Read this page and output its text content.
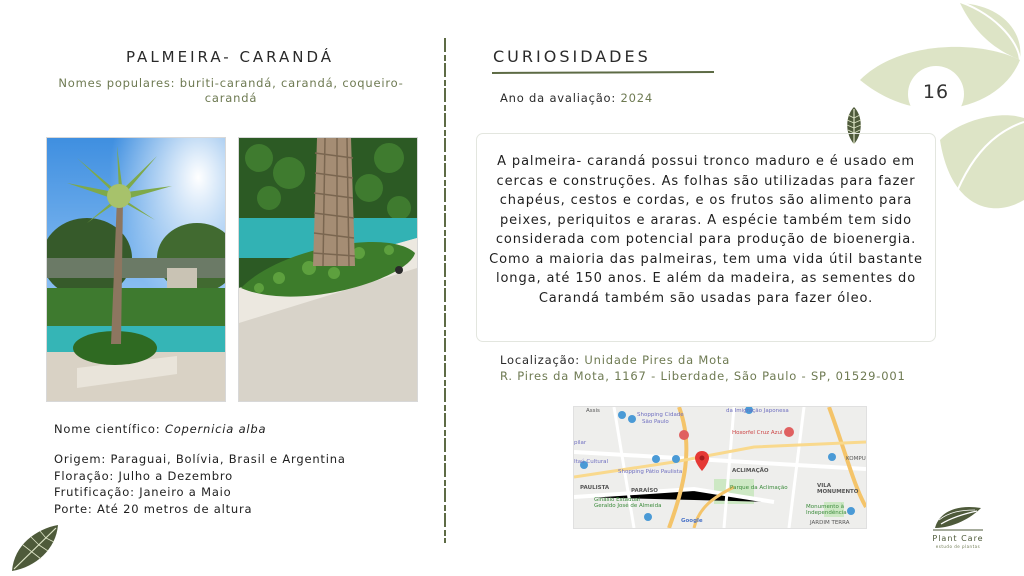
16
PALMEIRA- CARANDÁ
Nomes populares: buriti-carandá, carandá, coqueiro-
carandá
Nome científico: Copernicia alba
Origem: Paraguai, Bolívia, Brasil e Argentina
Floração: Julho a Dezembro
Frutificação: Janeiro a Maio
Porte: Até 20 metros de altura
CURIOSIDADES
Ano da avaliação: 2024
A palmeira- carandá possui tronco maduro e é usado em cercas e construções. As folhas são utilizadas para fazer chapéus, cestos e cordas, e os frutos são alimento para peixes, periquitos e araras. A espécie também tem sido considerada com potencial para produção de bioenergia. Como a maioria das palmeiras, tem uma vida útil bastante longa, até 150 anos. E além da madeira, as sementes do Carandá também são usadas para fazer óleo.
Localização: Unidade Pires da Mota
R. Pires da Mota, 1167 - Liberdade, São Paulo - SP, 01529-001
Assis
Shopping Cidade
São Paulo
da Imigração Japonesa
Hoxorfel Cruz Azul
pilar
Itaú Cultural
Shopping Pátio Paulista	ACLIMAÇÃO
KOMPU
PAULISTA	PARAÍSO	Parque da Aclimação	VILA
MONUMENTO
Ginásio Estadual
Geraldo José de Almeida	Monumento à
Independência
JARDIM TERRA
Google
Plant Care
estudo de plantas
